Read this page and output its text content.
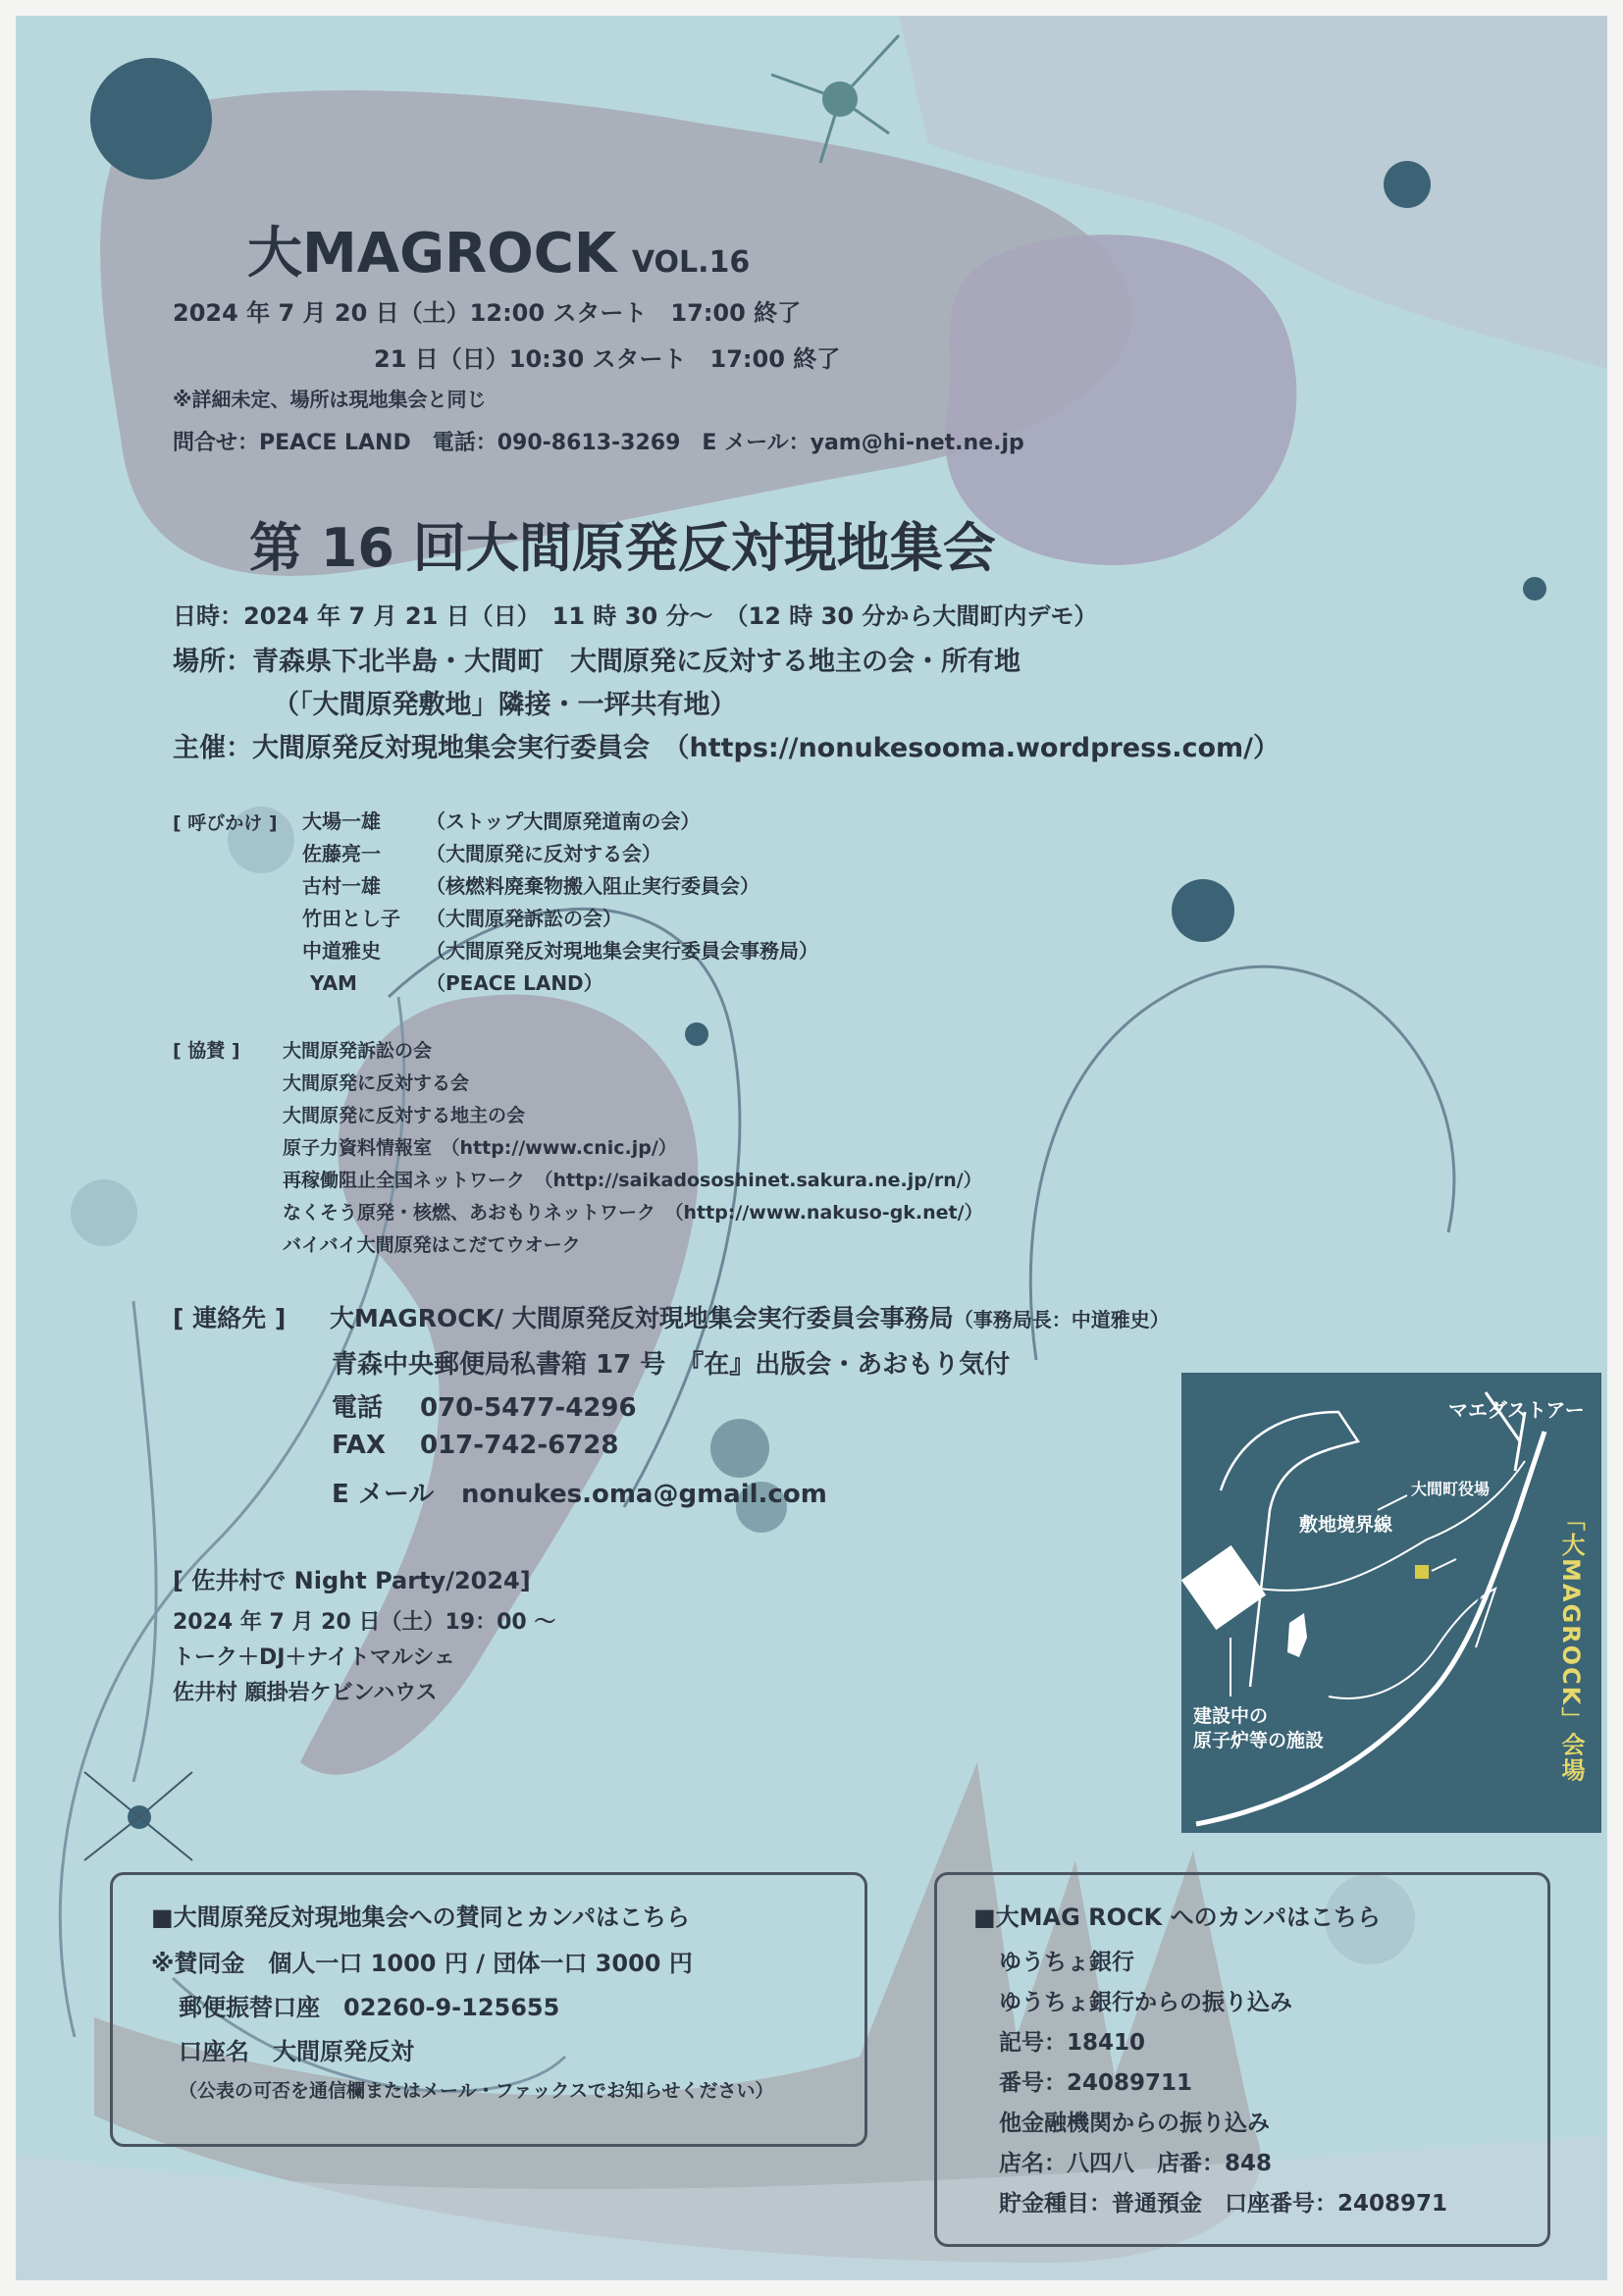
大MAGROCK VOL.16
2024 年 7 月 20 日（土）12:00 スタート　17:00 終了
21 日（日）10:30 スタート　17:00 終了
※詳細未定、場所は現地集会と同じ
問合せ：PEACE LAND　電話：090-8613-3269　E メール：yam@hi-net.ne.jp
第 16 回大間原発反対現地集会
日時：2024 年 7 月 21 日（日）　11 時 30 分～　（12 時 30 分から大間町内デモ）
場所：青森県下北半島・大間町　大間原発に反対する地主の会・所有地
（「大間原発敷地」隣接・一坪共有地）
主催：大間原発反対現地集会実行委員会　（https://nonukesooma.wordpress.com/）
[ 呼びかけ ] 大場一雄	（ストップ大間原発道南の会）
佐藤亮一	（大間原発に反対する会）
古村一雄	（核燃料廃棄物搬入阻止実行委員会）
竹田とし子	（大間原発訴訟の会）
中道雅史	（大間原発反対現地集会実行委員会事務局）
YAM	（PEACE LAND）
[ 協賛 ] 大間原発訴訟の会
大間原発に反対する会
大間原発に反対する地主の会
原子力資料情報室　（http://www.cnic.jp/）
再稼働阻止全国ネットワーク　（http://saikadososhinet.sakura.ne.jp/rn/）
なくそう原発・核燃、あおもりネットワーク　（http://www.nakuso-gk.net/）
バイバイ大間原発はこだてウオーク
[ 連絡先 ] 大MAGROCK/ 大間原発反対現地集会実行委員会事務局（事務局長：中道雅史）
青森中央郵便局私書箱 17 号　『在』出版会・あおもり気付
電話	070-5477-4296
FAX	017-742-6728
E メール	nonukes.oma@gmail.com
[ 佐井村で Night Party/2024]
2024 年 7 月 20 日（土）19：00 ～
トーク＋DJ＋ナイトマルシェ
佐井村 願掛岩ケビンハウス
マエダストアー
大間町役場
敷地境界線
建設中の
原子炉等の施設	「大MAGROCK」会場
■大間原発反対現地集会への賛同とカンパはこちら
※賛同金　個人一口 1000 円 / 団体一口 3000 円
郵便振替口座　02260-9-125655
口座名　大間原発反対
（公表の可否を通信欄またはメール・ファックスでお知らせください）
■大MAG ROCK へのカンパはこちら
ゆうちょ銀行
ゆうちょ銀行からの振り込み
記号：18410
番号：24089711
他金融機関からの振り込み
店名：八四八　店番：848
貯金種目：普通預金　口座番号：2408971
